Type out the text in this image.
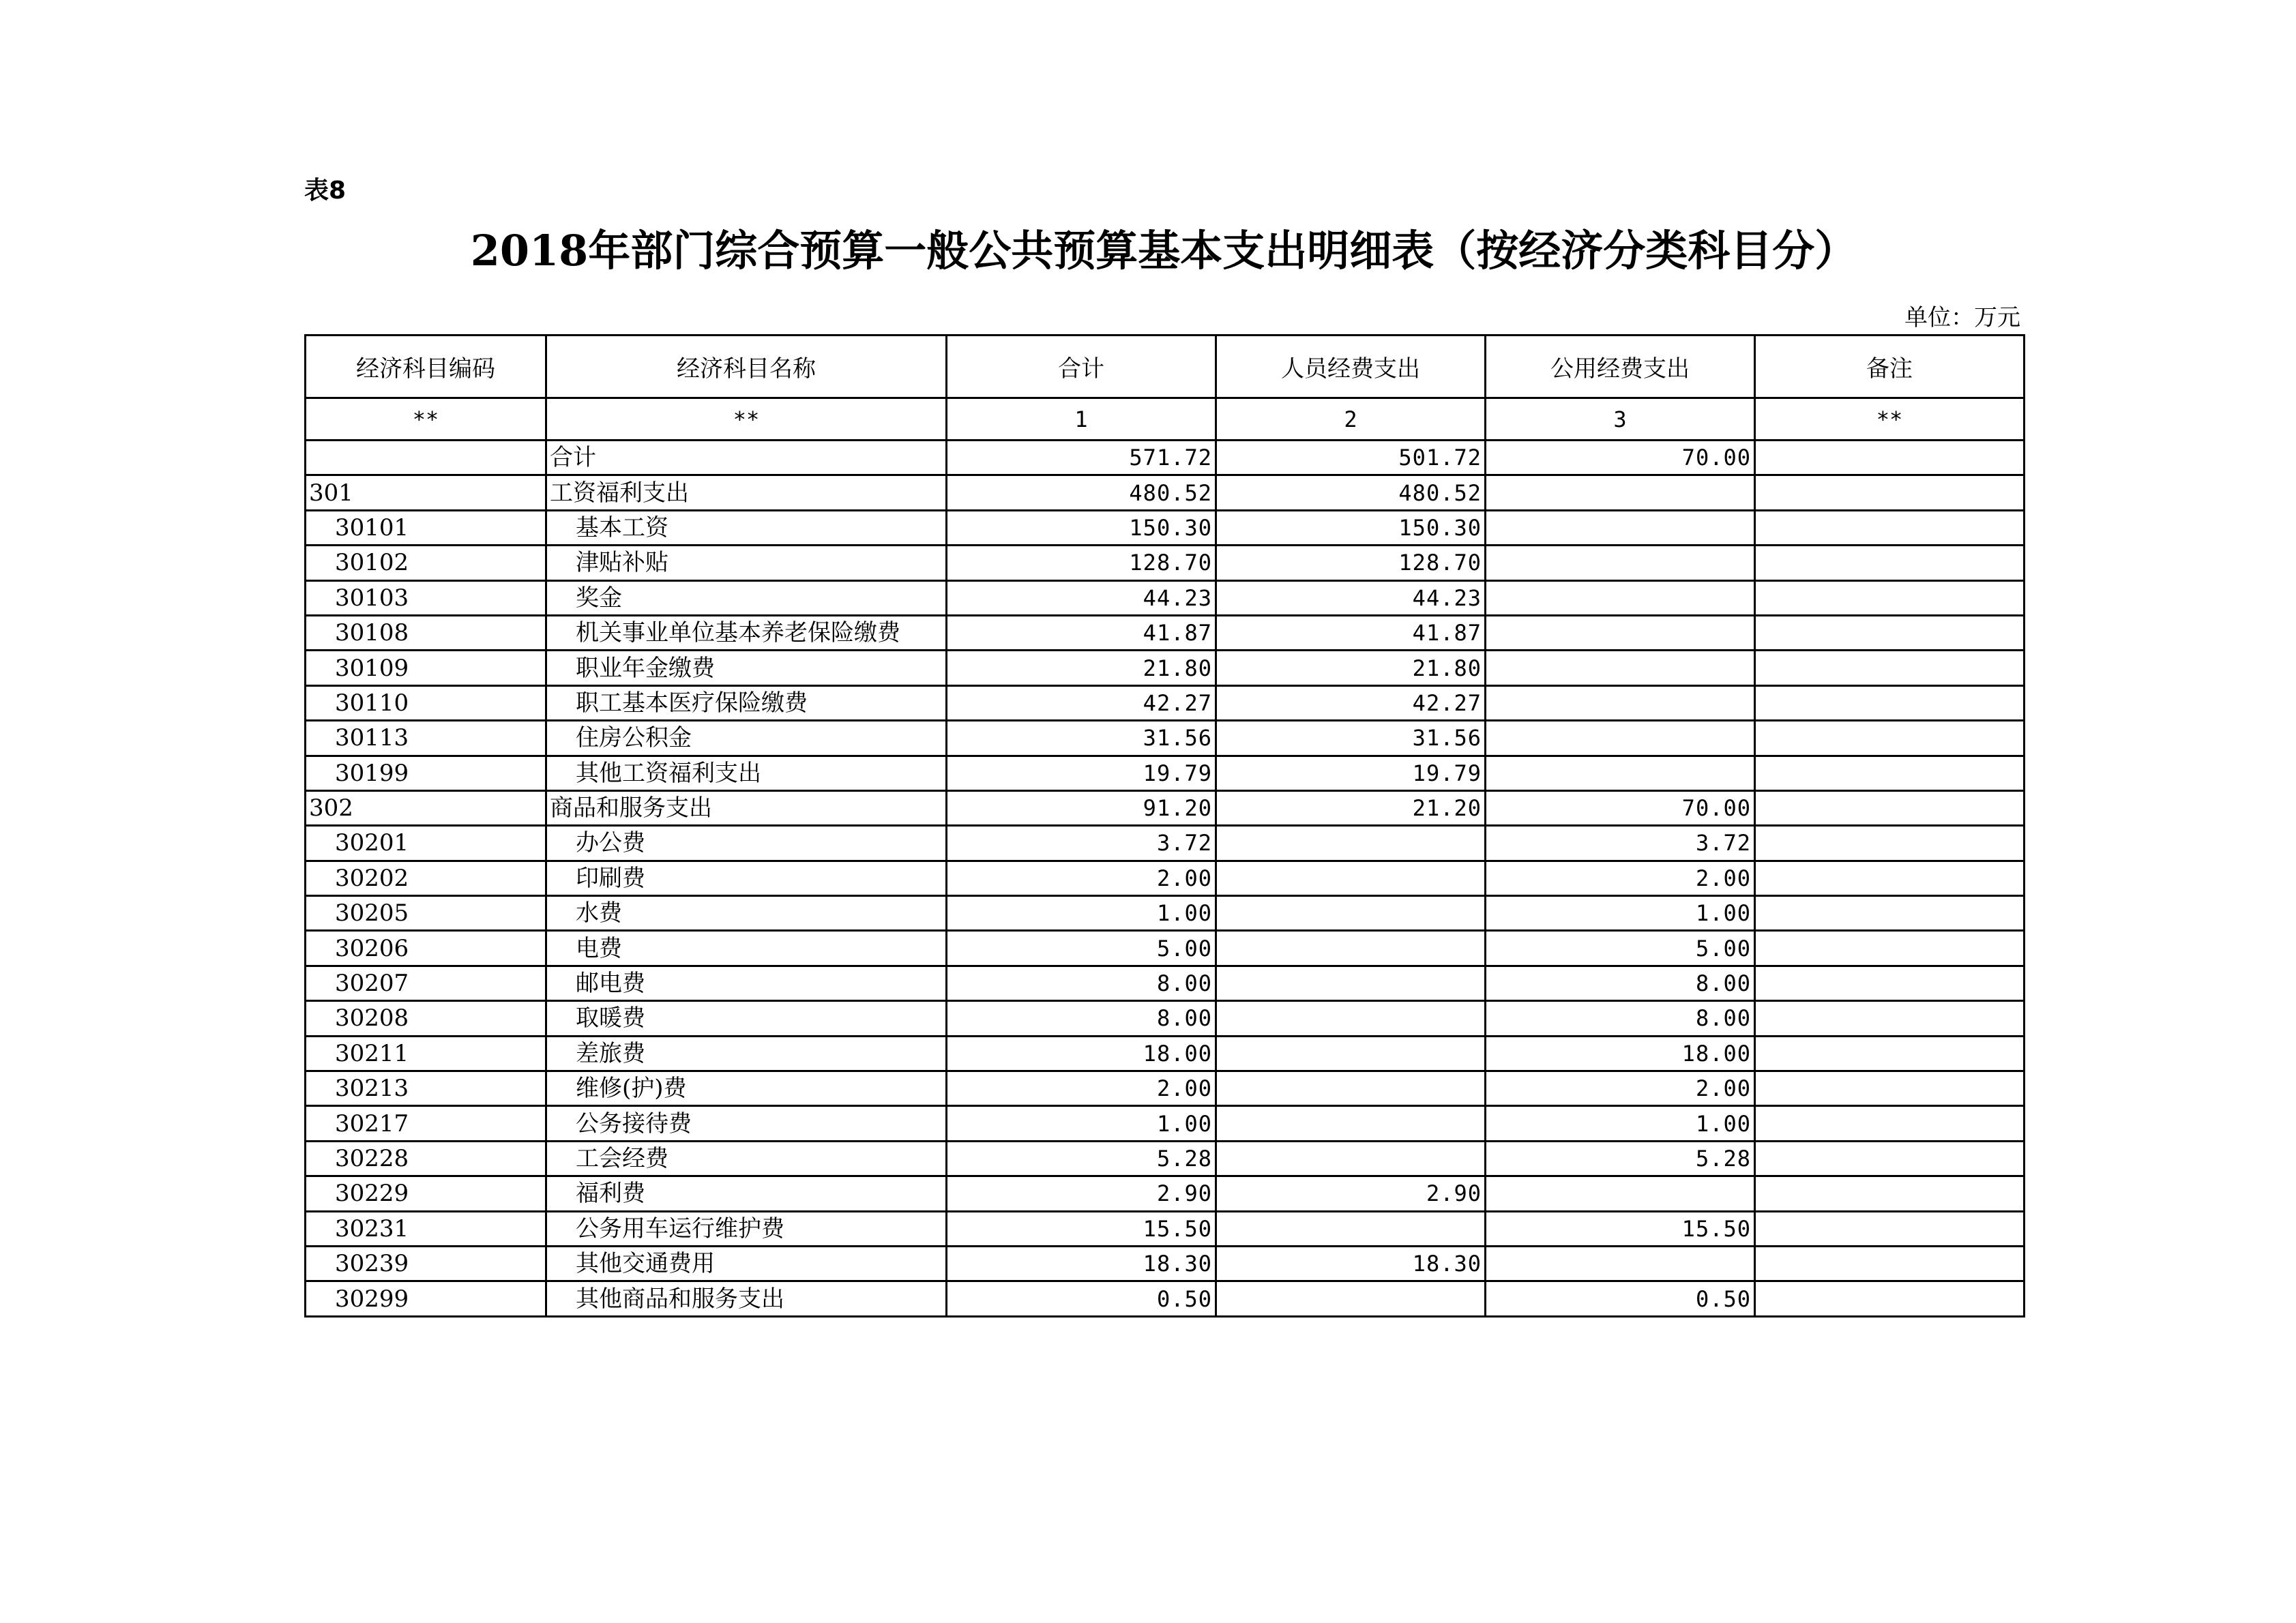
表8
2018年部门综合预算一般公共预算基本支出明细表（按经济分类科目分）
单位：万元
经济科目编码	经济科目名称	合计	人员经费支出	公用经费支出	备注
**	**	1	2	3	**
	合计	571.72	501.72	70.00	
301	工资福利支出	480.52	480.52		
30101	基本工资	150.30	150.30		
30102	津贴补贴	128.70	128.70		
30103	奖金	44.23	44.23		
30108	机关事业单位基本养老保险缴费	41.87	41.87		
30109	职业年金缴费	21.80	21.80		
30110	职工基本医疗保险缴费	42.27	42.27		
30113	住房公积金	31.56	31.56		
30199	其他工资福利支出	19.79	19.79		
302	商品和服务支出	91.20	21.20	70.00	
30201	办公费	3.72		3.72	
30202	印刷费	2.00		2.00	
30205	水费	1.00		1.00	
30206	电费	5.00		5.00	
30207	邮电费	8.00		8.00	
30208	取暖费	8.00		8.00	
30211	差旅费	18.00		18.00	
30213	维修(护)费	2.00		2.00	
30217	公务接待费	1.00		1.00	
30228	工会经费	5.28		5.28	
30229	福利费	2.90	2.90		
30231	公务用车运行维护费	15.50		15.50	
30239	其他交通费用	18.30	18.30		
30299	其他商品和服务支出	0.50		0.50	
